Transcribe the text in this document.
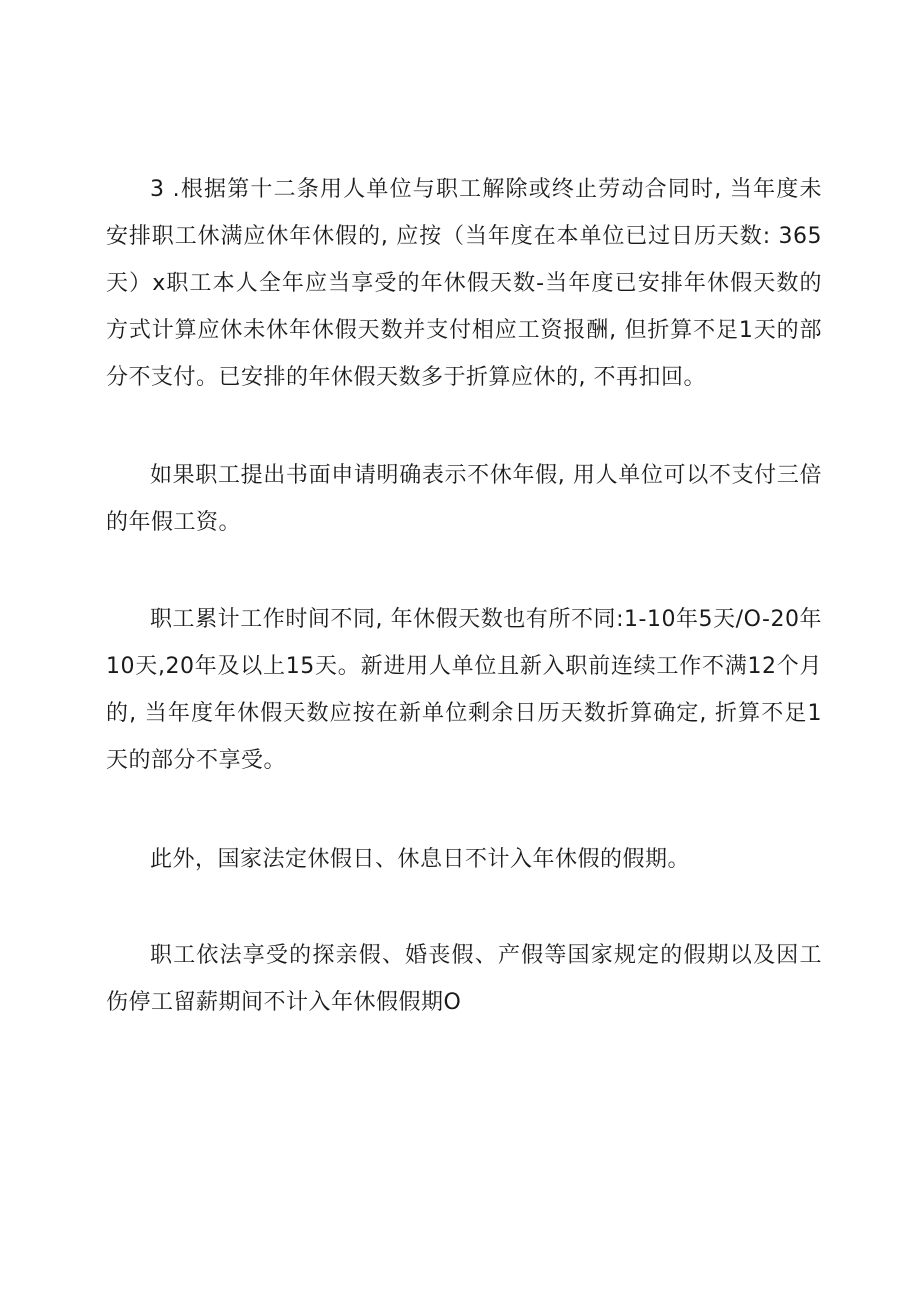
3 .根据第十二条用人单位与职工解除或终止劳动合同时, 当年度未安排职工休满应休年休假的, 应按（当年度在本单位已过日历天数: 365天）x职工本人全年应当享受的年休假天数-当年度已安排年休假天数的方式计算应休未休年休假天数并支付相应工资报酬, 但折算不足1天的部分不支付。已安排的年休假天数多于折算应休的, 不再扣回。

如果职工提出书面申请明确表示不休年假, 用人单位可以不支付三倍的年假工资。

职工累计工作时间不同, 年休假天数也有所不同:1-10年5天/O-20年10天,20年及以上15天。新进用人单位且新入职前连续工作不满12个月的, 当年度年休假天数应按在新单位剩余日历天数折算确定, 折算不足1天的部分不享受。

此外，国家法定休假日、休息日不计入年休假的假期。

职工依法享受的探亲假、婚丧假、产假等国家规定的假期以及因工伤停工留薪期间不计入年休假假期O
